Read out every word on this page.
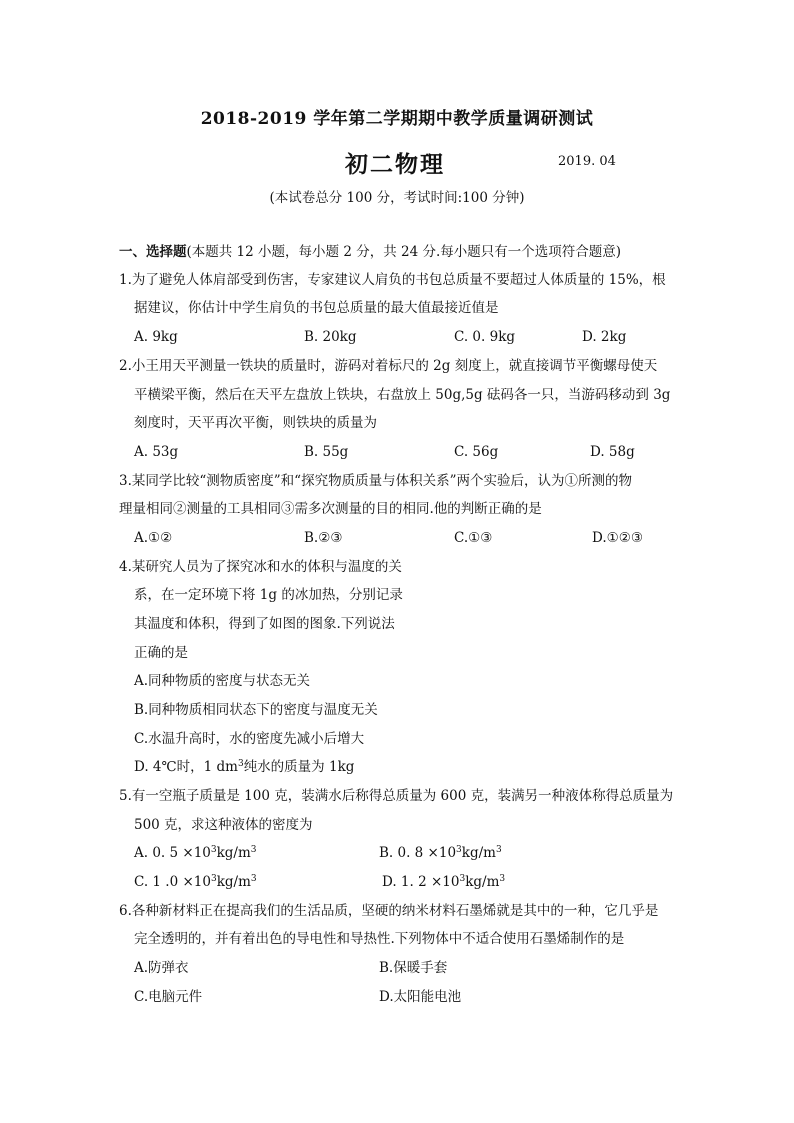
2018-2019 学年第二学期期中教学质量调研测试
初二物理	2019. 04
(本试卷总分 100 分，考试时间:100 分钟)
一、选择题(本题共 12 小题，每小题 2 分，共 24 分.每小题只有一个选项符合题意)
1.为了避免人体肩部受到伤害，专家建议人肩负的书包总质量不要超过人体质量的 15%，根
据建议，你估计中学生肩负的书包总质量的最大值最接近值是
A. 9kg	B. 20kg	C. 0. 9kg	D. 2kg
2.小王用天平测量一铁块的质量时，游码对着标尺的 2g 刻度上，就直接调节平衡螺母使天
平横梁平衡，然后在天平左盘放上铁块，右盘放上 50g,5g 砝码各一只，当游码移动到 3g
刻度时，天平再次平衡，则铁块的质量为
A. 53g	B. 55g	C. 56g	D. 58g
3.某同学比较“测物质密度”和“探究物质质量与体积关系”两个实验后，认为①所测的物
理量相同②测量的工具相同③需多次测量的目的相同.他的判断正确的是
A.①②	B.②③	C.①③	D.①②③
4.某研究人员为了探究冰和水的体积与温度的关
系，在一定环境下将 1g 的冰加热，分别记录
其温度和体积，得到了如图的图象.下列说法
正确的是
A.同种物质的密度与状态无关
B.同种物质相同状态下的密度与温度无关
C.水温升高时，水的密度先减小后增大
D. 4℃时，1 $dm^3$纯水的质量为 1kg
5.有一空瓶子质量是 100 克，装满水后称得总质量为 600 克，装满另一种液体称得总质量为
500 克，求这种液体的密度为
A. 0. $5 \times 10^3kg/m^3$	B. 0. $8 \times 10^3kg/m^3$
C. 1 $.0 \times 10^3kg/m^3$	D. 1. $2 \times 10^3kg/m^3$
6.各种新材料正在提高我们的生活品质，坚硬的纳米材料石墨烯就是其中的一种，它几乎是
完全透明的，并有着出色的导电性和导热性.下列物体中不适合使用石墨烯制作的是
A.防弹衣	B.保暖手套
C.电脑元件	D.太阳能电池
